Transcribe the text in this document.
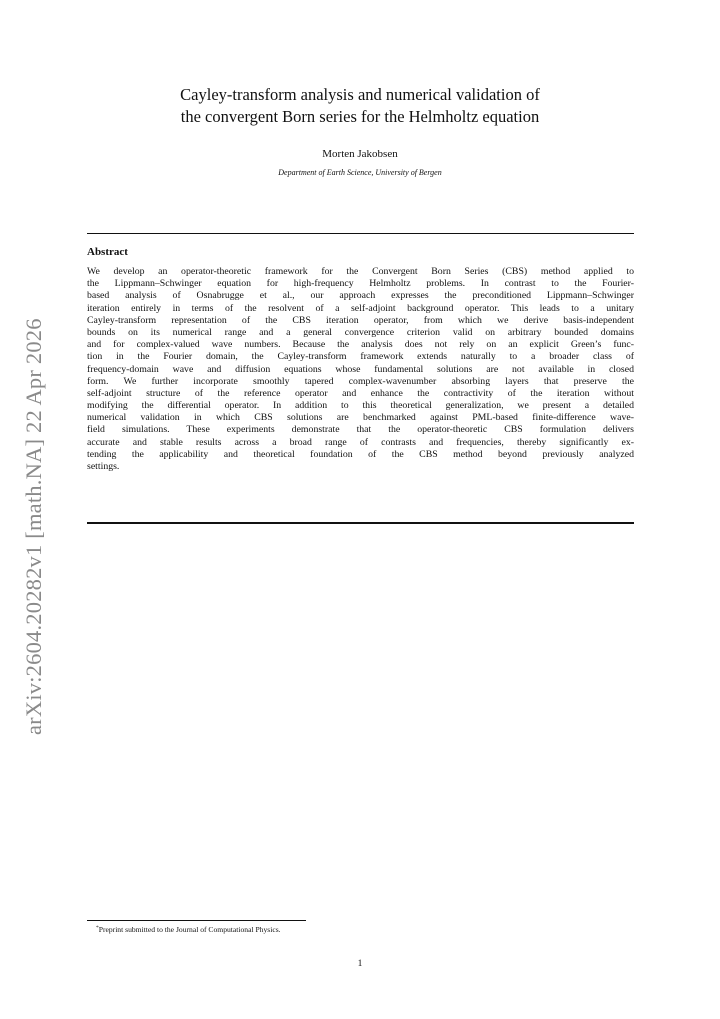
arXiv:2604.20282v1 [math.NA] 22 Apr 2026
Cayley-transform analysis and numerical validation of
the convergent Born series for the Helmholtz equation
Morten Jakobsen
Department of Earth Science, University of Bergen
Abstract
We develop an operator-theoretic framework for the Convergent Born Series (CBS) method applied to
the Lippmann–Schwinger equation for high-frequency Helmholtz problems. In contrast to the Fourier-
based analysis of Osnabrugge et al., our approach expresses the preconditioned Lippmann–Schwinger
iteration entirely in terms of the resolvent of a self-adjoint background operator. This leads to a unitary
Cayley-transform representation of the CBS iteration operator, from which we derive basis-independent
bounds on its numerical range and a general convergence criterion valid on arbitrary bounded domains
and for complex-valued wave numbers. Because the analysis does not rely on an explicit Green’s func-
tion in the Fourier domain, the Cayley-transform framework extends naturally to a broader class of
frequency-domain wave and diffusion equations whose fundamental solutions are not available in closed
form. We further incorporate smoothly tapered complex-wavenumber absorbing layers that preserve the
self-adjoint structure of the reference operator and enhance the contractivity of the iteration without
modifying the differential operator. In addition to this theoretical generalization, we present a detailed
numerical validation in which CBS solutions are benchmarked against PML-based finite-difference wave-
field simulations. These experiments demonstrate that the operator-theoretic CBS formulation delivers
accurate and stable results across a broad range of contrasts and frequencies, thereby significantly ex-
tending the applicability and theoretical foundation of the CBS method beyond previously analyzed
settings.
*Preprint submitted to the Journal of Computational Physics.
1
